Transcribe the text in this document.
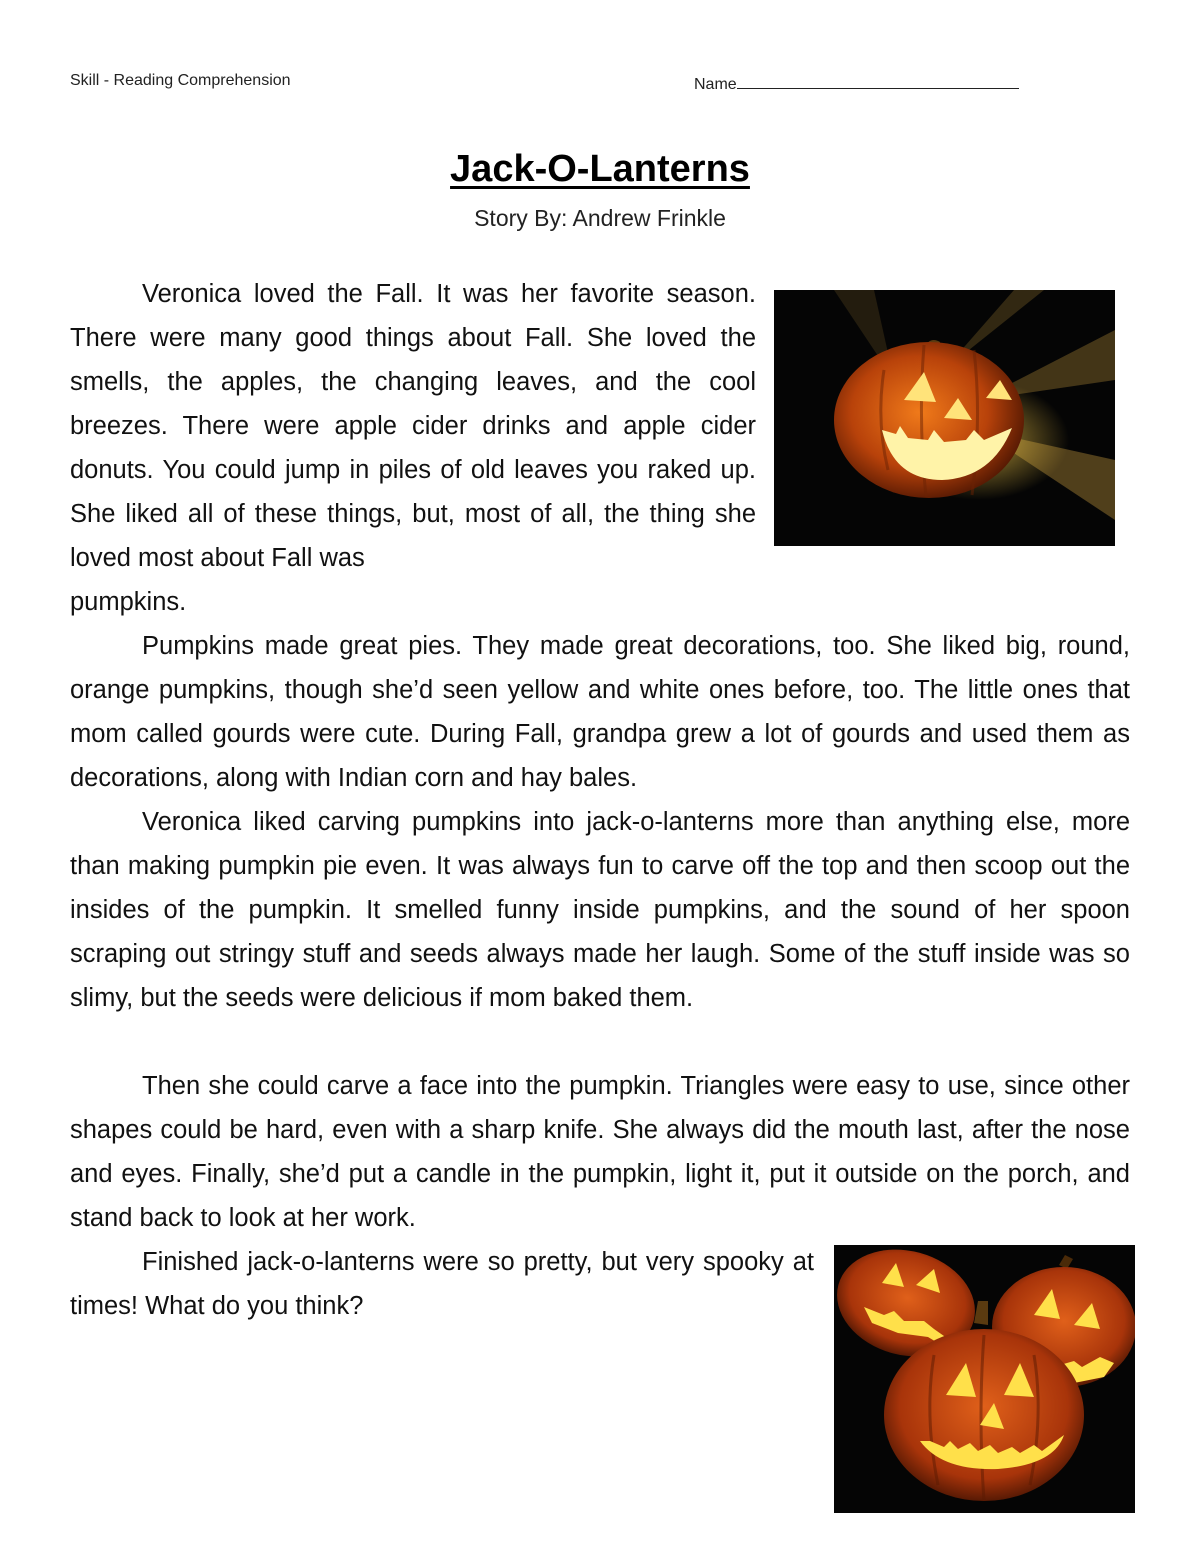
Skill - Reading Comprehension	Name
Jack-O-Lanterns
Story By: Andrew Frinkle

Veronica loved the Fall. It was her favorite season. There were many good things about Fall. She loved the smells, the apples, the changing leaves, and the cool breezes. There were apple cider drinks and apple cider donuts. You could jump in piles of old leaves you raked up. She liked all of these things, but, most of all, the thing she loved most about Fall was

pumpkins.

Pumpkins made great pies. They made great decorations, too. She liked big, round, orange pumpkins, though she’d seen yellow and white ones before, too. The little ones that mom called gourds were cute. During Fall, grandpa grew a lot of gourds and used them as decorations, along with Indian corn and hay bales.

Veronica liked carving pumpkins into jack-o-lanterns more than anything else, more than making pumpkin pie even. It was always fun to carve off the top and then scoop out the insides of the pumpkin. It smelled funny inside pumpkins, and the sound of her spoon scraping out stringy stuff and seeds always made her laugh. Some of the stuff inside was so slimy, but the seeds were delicious if mom baked them.

Then she could carve a face into the pumpkin. Triangles were easy to use, since other shapes could be hard, even with a sharp knife. She always did the mouth last, after the nose and eyes. Finally, she’d put a candle in the pumpkin, light it, put it outside on the porch, and stand back to look at her work.

Finished jack-o-lanterns were so pretty, but very spooky at times! What do you think?
